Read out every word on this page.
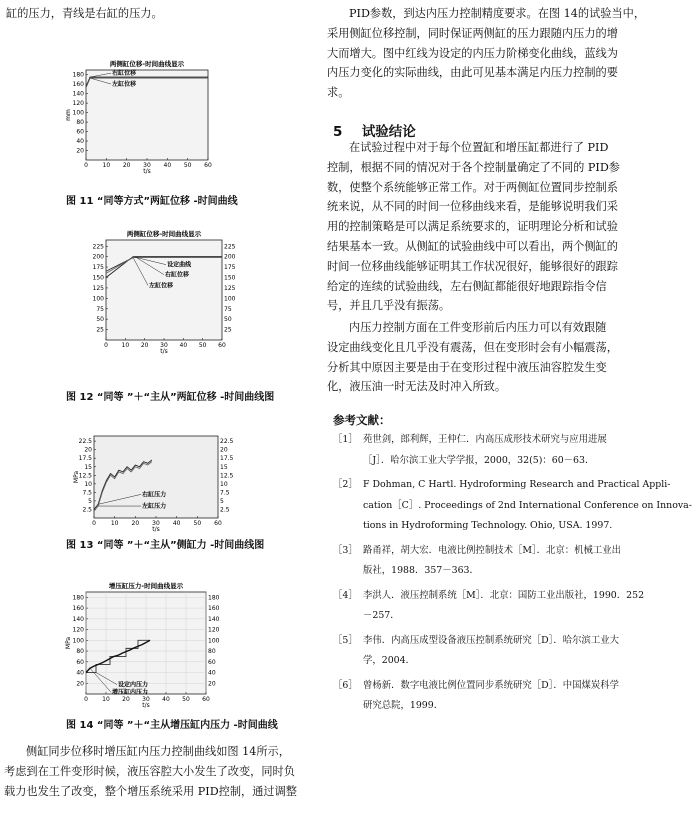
缸的压力，青线是右缸的压力。
两侧缸位移-时间曲线显示
20
40
60
80
100
120
140
160
180
0 10 20 30 40 50 60
t/s
mm
右缸位移
左缸位移
图 11 “同等方式”两缸位移 -时间曲线
两侧缸位移-时间曲线显示
25	25
50	50
75	75
100	100
125	125
150	150
175	175
200	200
225	225
0 10 20 30 40 50 60
t/s
设定曲线
右缸位移
左缸位移
图 12 “同等 ”＋“主从”两缸位移 -时间曲线图
2.5	2.5
5	5
7.5	7.5
10	10
12.5	12.5
15	15
17.5	17.5
20	20
22.5	22.5
0 10 20 30 40 50 60
t/s
MPa
右缸压力
左缸压力
图 13 “同等 ”＋“主从”侧缸力 -时间曲线图
增压缸压力-时间曲线显示
20	20
40	40
60	60
80	80
100	100
120	120
140	140
160	160
180	180
0 10 20 30 40 50 60
t/s
MPa
设定内压力
增压缸内压力
图 14 “同等 ”＋“主从增压缸内压力 -时间曲线
侧缸同步位移时增压缸内压力控制曲线如图 14所示，
考虑到在工件变形时候，液压容腔大小发生了改变，同时负
载力也发生了改变，整个增压系统采用 PID控制，通过调整
PID参数，到达内压力控制精度要求。在图 14的试验当中，
采用侧缸位移控制，同时保证两侧缸的压力跟随内压力的增
大而增大。图中红线为设定的内压力阶梯变化曲线，蓝线为
内压力变化的实际曲线，由此可见基本满足内压力控制的要
求。
5 试验结论
在试验过程中对于每个位置缸和增压缸都进行了 PID
控制，根据不同的情况对于各个控制量确定了不同的 PID参
数，使整个系统能够正常工作。对于两侧缸位置同步控制系
统来说，从不同的时间一位移曲线来看，是能够说明我们采
用的控制策略是可以满足系统要求的，证明理论分析和试验
结果基本一致。从侧缸的试验曲线中可以看出，两个侧缸的
时间一位移曲线能够证明其工作状况很好，能够很好的跟踪
给定的连续的试验曲线，左右侧缸都能很好地跟踪指令信
号，并且几乎没有振荡。
内压力控制方面在工件变形前后内压力可以有效跟随
设定曲线变化且几乎没有震荡，但在变形时会有小幅震荡，
分析其中原因主要是由于在变形过程中液压油容腔发生变
化，液压油一时无法及时冲入所致。
参考文献：
［1］ 苑世剑，郎利辉，王仲仁．内高压成形技术研究与应用进展
［J］．哈尔滨工业大学学报，2000，32(5)：60－63．
［2］ F Dohman, C Hartl. Hydroforming Research and Practical Appli-
cation［C］. Proceedings of 2nd International Conference on Innova-
tions in Hydroforming Technology. Ohio, USA. 1997.
［3］ 路甬祥，胡大宏．电液比例控制技术［M］．北京：机械工业出
版社，1988．357－363．
［4］ 李洪人．液压控制系统［M］．北京：国防工业出版社，1990．252
－257．
［5］ 李伟．内高压成型设备液压控制系统研究［D］．哈尔滨工业大
学，2004．
［6］ 曾杨新．数字电液比例位置同步系统研究［D］．中国煤炭科学
研究总院，1999．
